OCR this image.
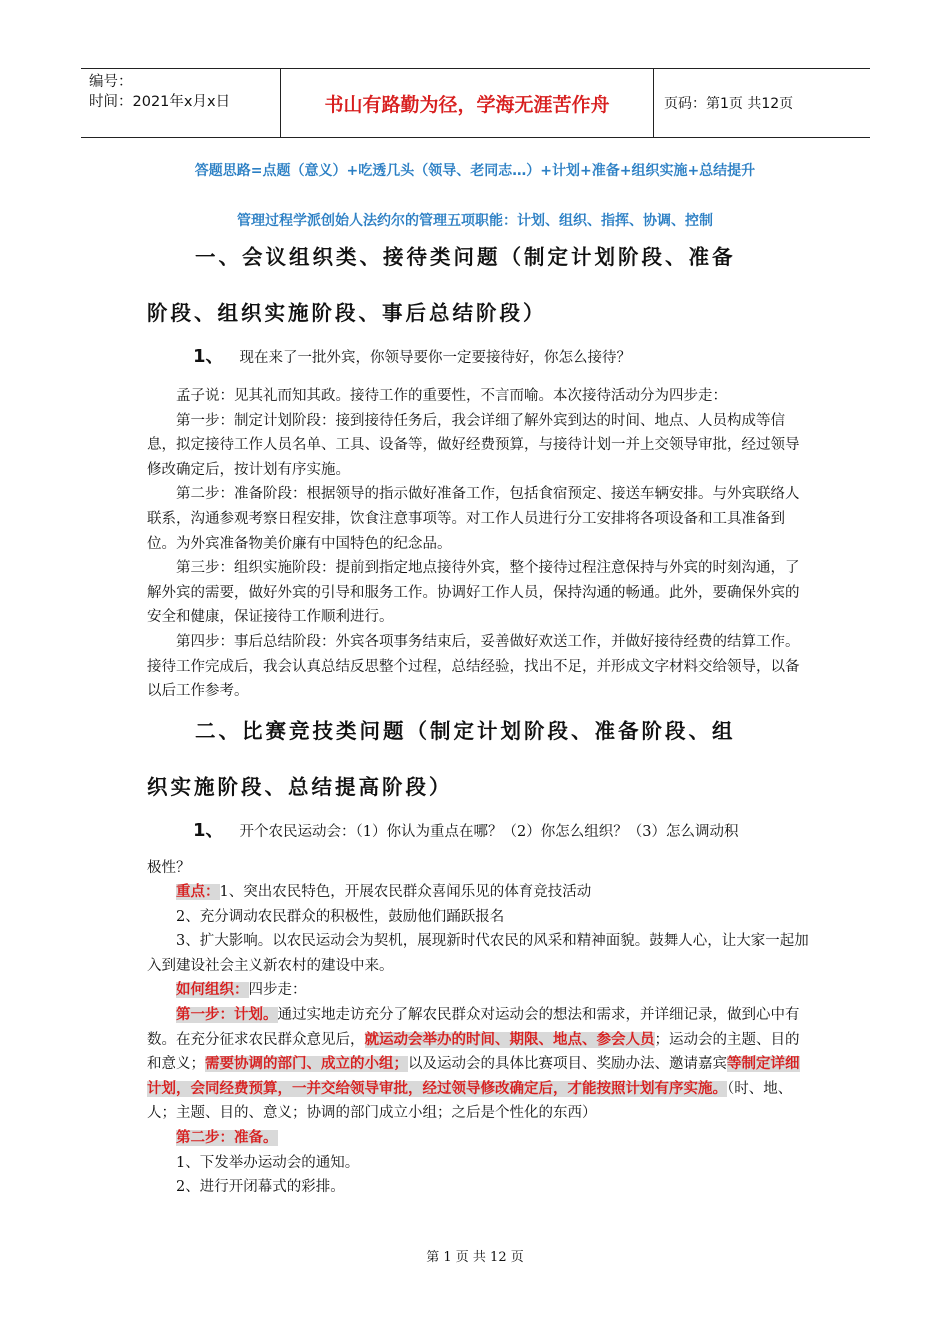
编号：
时间：2021年x月x日	书山有路勤为径，学海无涯苦作舟	页码：第1页 共12页
答题思路=点题（意义）+吃透几头（领导、老同志…）+计划+准备+组织实施+总结提升
管理过程学派创始人法约尔的管理五项职能：计划、组织、指挥、协调、控制
一、会议组织类、接待类问题（制定计划阶段、准备
阶段、组织实施阶段、事后总结阶段）
1、 现在来了一批外宾，你领导要你一定要接待好，你怎么接待？

孟子说：见其礼而知其政。接待工作的重要性，不言而喻。本次接待活动分为四步走：

第一步：制定计划阶段：接到接待任务后，我会详细了解外宾到达的时间、地点、人员构成等信息，拟定接待工作人员名单、工具、设备等，做好经费预算，与接待计划一并上交领导审批，经过领导修改确定后，按计划有序实施。

第二步：准备阶段：根据领导的指示做好准备工作，包括食宿预定、接送车辆安排。与外宾联络人联系，沟通参观考察日程安排，饮食注意事项等。对工作人员进行分工安排将各项设备和工具准备到位。为外宾准备物美价廉有中国特色的纪念品。

第三步：组织实施阶段：提前到指定地点接待外宾，整个接待过程注意保持与外宾的时刻沟通，了解外宾的需要，做好外宾的引导和服务工作。协调好工作人员，保持沟通的畅通。此外，要确保外宾的安全和健康，保证接待工作顺利进行。

第四步：事后总结阶段：外宾各项事务结束后，妥善做好欢送工作，并做好接待经费的结算工作。接待工作完成后，我会认真总结反思整个过程，总结经验，找出不足，并形成文字材料交给领导，以备以后工作参考。

二、比赛竞技类问题（制定计划阶段、准备阶段、组
织实施阶段、总结提高阶段）
1、 开个农民运动会：（1）你认为重点在哪？（2）你怎么组织？（3）怎么调动积

极性？

重点：1、突出农民特色，开展农民群众喜闻乐见的体育竞技活动

2、充分调动农民群众的积极性，鼓励他们踊跃报名

3、扩大影响。以农民运动会为契机，展现新时代农民的风采和精神面貌。鼓舞人心，让大家一起加入到建设社会主义新农村的建设中来。

如何组织：四步走：

第一步：计划。通过实地走访充分了解农民群众对运动会的想法和需求，并详细记录，做到心中有数。在充分征求农民群众意见后，就运动会举办的时间、期限、地点、参会人员；运动会的主题、目的和意义；需要协调的部门、成立的小组；以及运动会的具体比赛项目、奖励办法、邀请嘉宾等制定详细计划，会同经费预算，一并交给领导审批，经过领导修改确定后，才能按照计划有序实施。（时、地、人；主题、目的、意义；协调的部门成立小组；之后是个性化的东西）

第二步：准备。

1、下发举办运动会的通知。

2、进行开闭幕式的彩排。

第 1 页 共 12 页
